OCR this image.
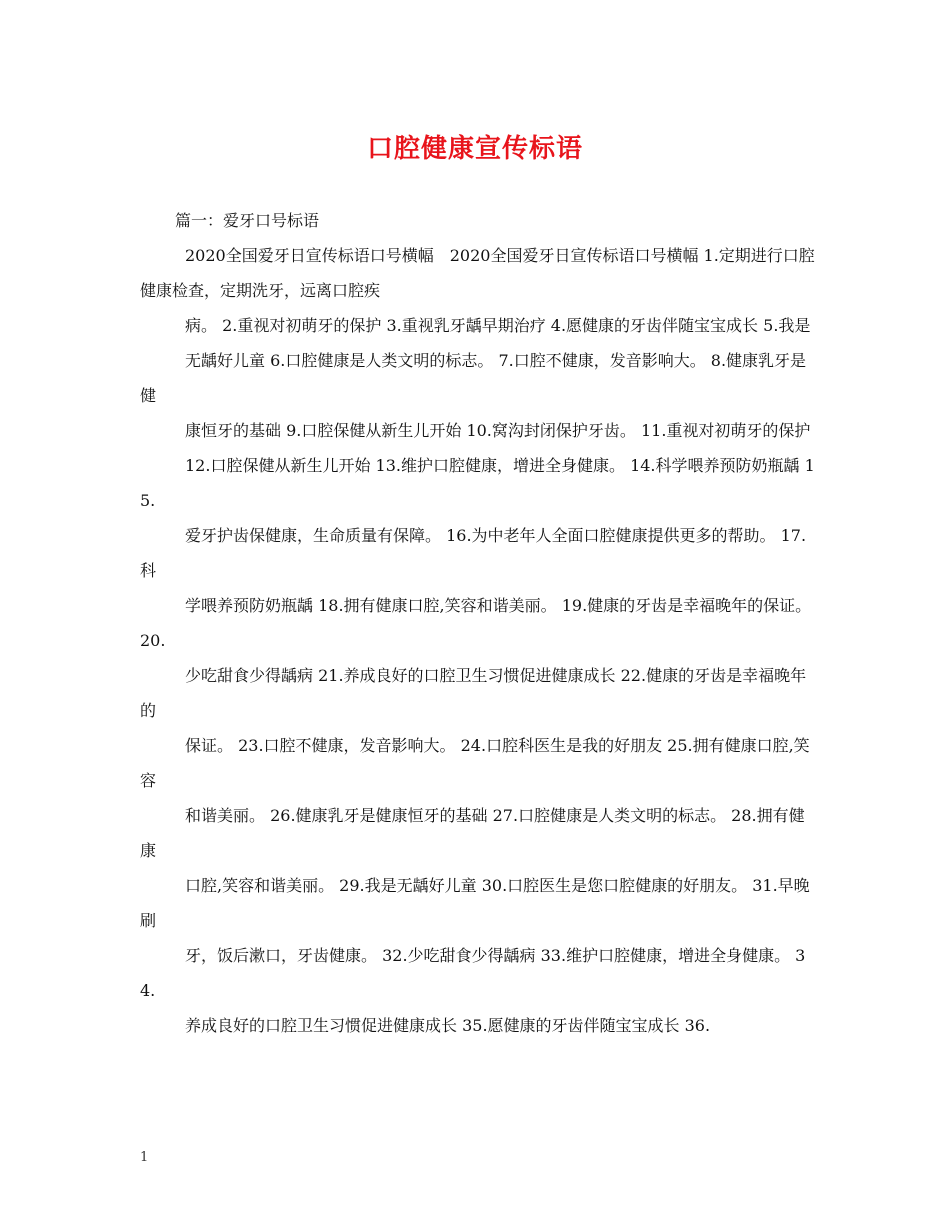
口腔健康宣传标语

篇一：爱牙口号标语

2020全国爱牙日宣传标语口号横幅　2020全国爱牙日宣传标语口号横幅 1.定期进行口腔健康检查，定期洗牙，远离口腔疾

病。 2.重视对初萌牙的保护 3.重视乳牙龋早期治疗 4.愿健康的牙齿伴随宝宝成长 5.我是

无龋好儿童 6.口腔健康是人类文明的标志。 7.口腔不健康，发音影响大。 8.健康乳牙是健

康恒牙的基础 9.口腔保健从新生儿开始 10.窝沟封闭保护牙齿。 11.重视对初萌牙的保护

12.口腔保健从新生儿开始 13.维护口腔健康，增进全身健康。 14.科学喂养预防奶瓶龋 15.

爱牙护齿保健康，生命质量有保障。 16.为中老年人全面口腔健康提供更多的帮助。 17.科

学喂养预防奶瓶龋 18.拥有健康口腔,笑容和谐美丽。 19.健康的牙齿是幸福晚年的保证。 20.

少吃甜食少得龋病 21.养成良好的口腔卫生习惯促进健康成长 22.健康的牙齿是幸福晚年的

保证。 23.口腔不健康，发音影响大。 24.口腔科医生是我的好朋友 25.拥有健康口腔,笑容

和谐美丽。 26.健康乳牙是健康恒牙的基础 27.口腔健康是人类文明的标志。 28.拥有健康

口腔,笑容和谐美丽。 29.我是无龋好儿童 30.口腔医生是您口腔健康的好朋友。 31.早晚刷

牙，饭后漱口，牙齿健康。 32.少吃甜食少得龋病 33.维护口腔健康，增进全身健康。 34.

养成良好的口腔卫生习惯促进健康成长 35.愿健康的牙齿伴随宝宝成长 36.

1
